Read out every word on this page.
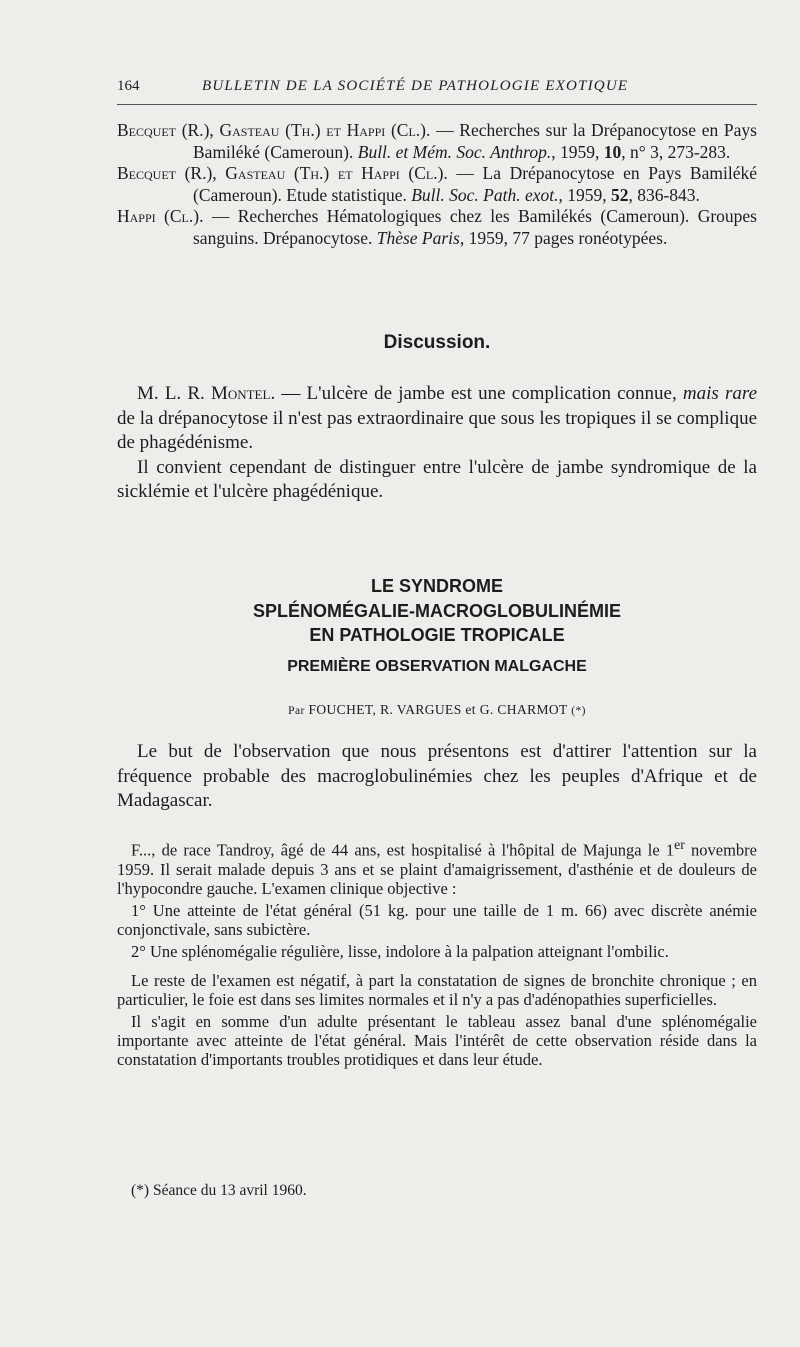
164	BULLETIN DE LA SOCIÉTÉ DE PATHOLOGIE EXOTIQUE

Becquet (R.), Gasteau (Th.) et Happi (Cl.). — Recherches sur la Drépanocytose en Pays Bamiléké (Cameroun). Bull. et Mém. Soc. Anthrop., 1959, 10, n° 3, 273-283.

Becquet (R.), Gasteau (Th.) et Happi (Cl.). — La Drépanocytose en Pays Bamiléké (Cameroun). Etude statistique. Bull. Soc. Path. exot., 1959, 52, 836-843.

Happi (Cl.). — Recherches Hématologiques chez les Bamilékés (Cameroun). Groupes sanguins. Drépanocytose. Thèse Paris, 1959, 77 pages ronéotypées.

Discussion.

M. L. R. Montel. — L'ulcère de jambe est une complication connue, mais rare de la drépanocytose il n'est pas extraordinaire que sous les tropiques il se complique de phagédénisme.

Il convient cependant de distinguer entre l'ulcère de jambe syndromique de la sicklémie et l'ulcère phagédénique.

LE SYNDROME
SPLÉNOMÉGALIE-MACROGLOBULINÉMIE
EN PATHOLOGIE TROPICALE
PREMIÈRE OBSERVATION MALGACHE
Par FOUCHET, R. VARGUES et G. CHARMOT (*)

Le but de l'observation que nous présentons est d'attirer l'attention sur la fréquence probable des macroglobulinémies chez les peuples d'Afrique et de Madagascar.

F..., de race Tandroy, âgé de 44 ans, est hospitalisé à l'hôpital de Majunga le 1er novembre 1959. Il serait malade depuis 3 ans et se plaint d'amaigrissement, d'asthénie et de douleurs de l'hypocondre gauche. L'examen clinique objective :

1° Une atteinte de l'état général (51 kg. pour une taille de 1 m. 66) avec discrète anémie conjonctivale, sans subictère.

2° Une splénomégalie régulière, lisse, indolore à la palpation atteignant l'ombilic.

Le reste de l'examen est négatif, à part la constatation de signes de bronchite chronique ; en particulier, le foie est dans ses limites normales et il n'y a pas d'adénopathies superficielles.

Il s'agit en somme d'un adulte présentant le tableau assez banal d'une splénomégalie importante avec atteinte de l'état général. Mais l'intérêt de cette observation réside dans la constatation d'importants troubles protidiques et dans leur étude.

(*) Séance du 13 avril 1960.
